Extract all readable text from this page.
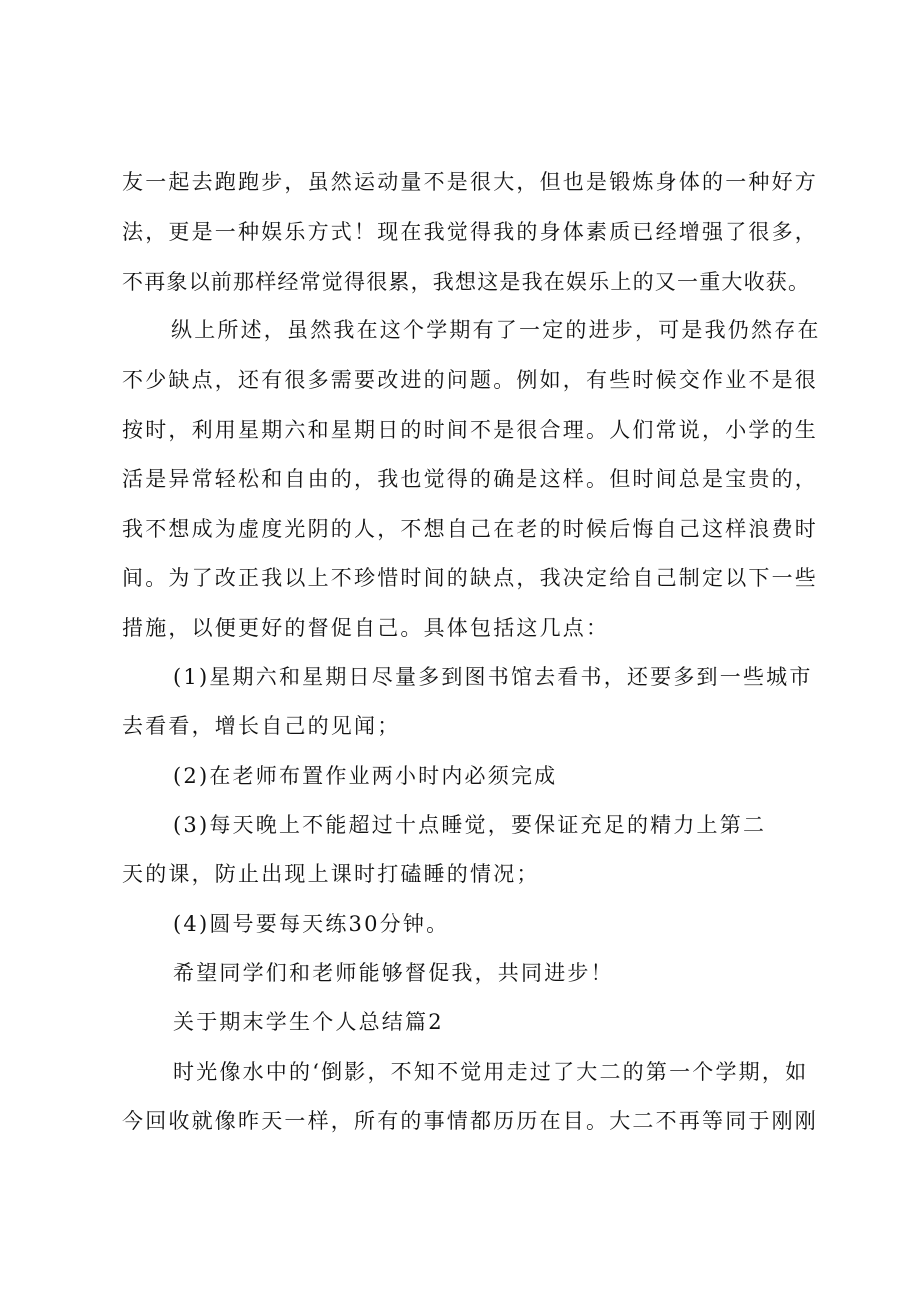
友一起去跑跑步，虽然运动量不是很大，但也是锻炼身体的一种好方

法，更是一种娱乐方式！现在我觉得我的身体素质已经增强了很多，

不再象以前那样经常觉得很累，我想这是我在娱乐上的又一重大收获。

纵上所述，虽然我在这个学期有了一定的进步，可是我仍然存在

不少缺点，还有很多需要改进的问题。例如，有些时候交作业不是很

按时，利用星期六和星期日的时间不是很合理。人们常说，小学的生

活是异常轻松和自由的，我也觉得的确是这样。但时间总是宝贵的，

我不想成为虚度光阴的人，不想自己在老的时候后悔自己这样浪费时

间。为了改正我以上不珍惜时间的缺点，我决定给自己制定以下一些

措施，以便更好的督促自己。具体包括这几点：

(1)星期六和星期日尽量多到图书馆去看书，还要多到一些城市

去看看，增长自己的见闻；

(2)在老师布置作业两小时内必须完成

(3)每天晚上不能超过十点睡觉，要保证充足的精力上第二

天的课，防止出现上课时打磕睡的情况；

(4)圆号要每天练30分钟。

希望同学们和老师能够督促我，共同进步！

关于期末学生个人总结篇2

时光像水中的‘倒影，不知不觉用走过了大二的第一个学期，如

今回收就像昨天一样，所有的事情都历历在目。大二不再等同于刚刚
